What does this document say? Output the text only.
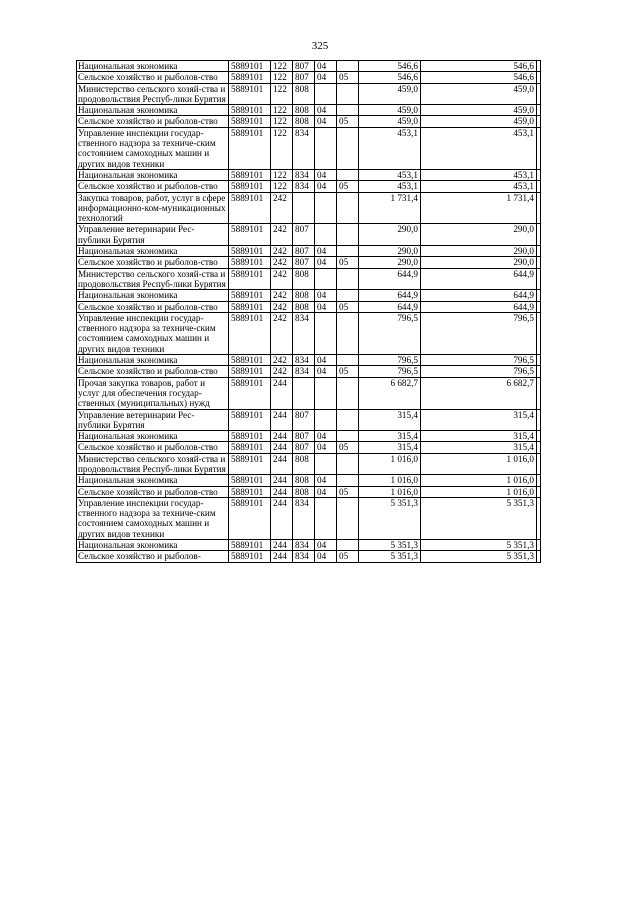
325
Национальная экономика	5889101	122	807	04		546,6	546,6	
Сельское хозяйство и рыболов-ство	5889101	122	807	04	05	546,6	546,6	
Министерство сельского хозяй-ства и продовольствия Респуб-лики Бурятия	5889101	122	808			459,0	459,0	
Национальная экономика	5889101	122	808	04		459,0	459,0	
Сельское хозяйство и рыболов-ство	5889101	122	808	04	05	459,0	459,0	
Управление инспекции государ-ственного надзора за техниче-ским состоянием самоходных машин и других видов техники	5889101	122	834			453,1	453,1	
Национальная экономика	5889101	122	834	04		453,1	453,1	
Сельское хозяйство и рыболов-ство	5889101	122	834	04	05	453,1	453,1	
Закупка товаров, работ, услуг в сфере информационно-ком-муникационных технологий	5889101	242				1 731,4	1 731,4	
Управление ветеринарии Рес-публики Бурятия	5889101	242	807			290,0	290,0	
Национальная экономика	5889101	242	807	04		290,0	290,0	
Сельское хозяйство и рыболов-ство	5889101	242	807	04	05	290,0	290,0	
Министерство сельского хозяй-ства и продовольствия Респуб-лики Бурятия	5889101	242	808			644,9	644,9	
Национальная экономика	5889101	242	808	04		644,9	644,9	
Сельское хозяйство и рыболов-ство	5889101	242	808	04	05	644,9	644,9	
Управление инспекции государ-ственного надзора за техниче-ским состоянием самоходных машин и других видов техники	5889101	242	834			796,5	796,5	
Национальная экономика	5889101	242	834	04		796,5	796,5	
Сельское хозяйство и рыболов-ство	5889101	242	834	04	05	796,5	796,5	
Прочая закупка товаров, работ и услуг для обеспечения государ-ственных (муниципальных) нужд	5889101	244				6 682,7	6 682,7	
Управление ветеринарии Рес-публики Бурятия	5889101	244	807			315,4	315,4	
Национальная экономика	5889101	244	807	04		315,4	315,4	
Сельское хозяйство и рыболов-ство	5889101	244	807	04	05	315,4	315,4	
Министерство сельского хозяй-ства и продовольствия Респуб-лики Бурятия	5889101	244	808			1 016,0	1 016,0	
Национальная экономика	5889101	244	808	04		1 016,0	1 016,0	
Сельское хозяйство и рыболов-ство	5889101	244	808	04	05	1 016,0	1 016,0	
Управление инспекции государ-ственного надзора за техниче-ским состоянием самоходных машин и других видов техники	5889101	244	834			5 351,3	5 351,3	
Национальная экономика	5889101	244	834	04		5 351,3	5 351,3	
Сельское хозяйство и рыболов-	5889101	244	834	04	05	5 351,3	5 351,3	
